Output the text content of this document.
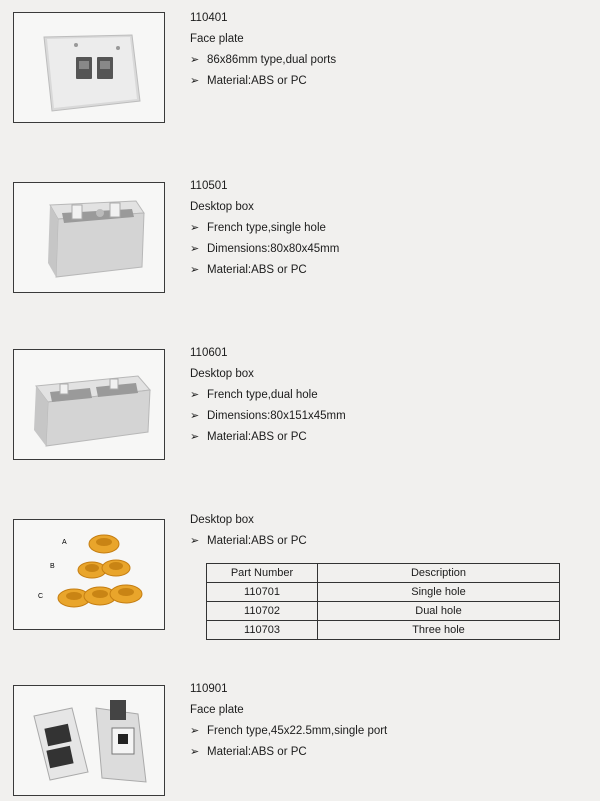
110401
Face plate
➢ 86x86mm type,dual ports
➢ Material:ABS or PC
110501
Desktop box
➢ French type,single hole
➢ Dimensions:80x80x45mm
➢ Material:ABS or PC
110601
Desktop box
➢ French type,dual hole
➢ Dimensions:80x151x45mm
➢ Material:ABS or PC
A
B
C
Desktop box
➢ Material:ABS or PC
Part Number	Description
110701	Single hole
110702	Dual hole
110703	Three hole
110901
Face plate
➢ French type,45x22.5mm,single port
➢ Material:ABS or PC
